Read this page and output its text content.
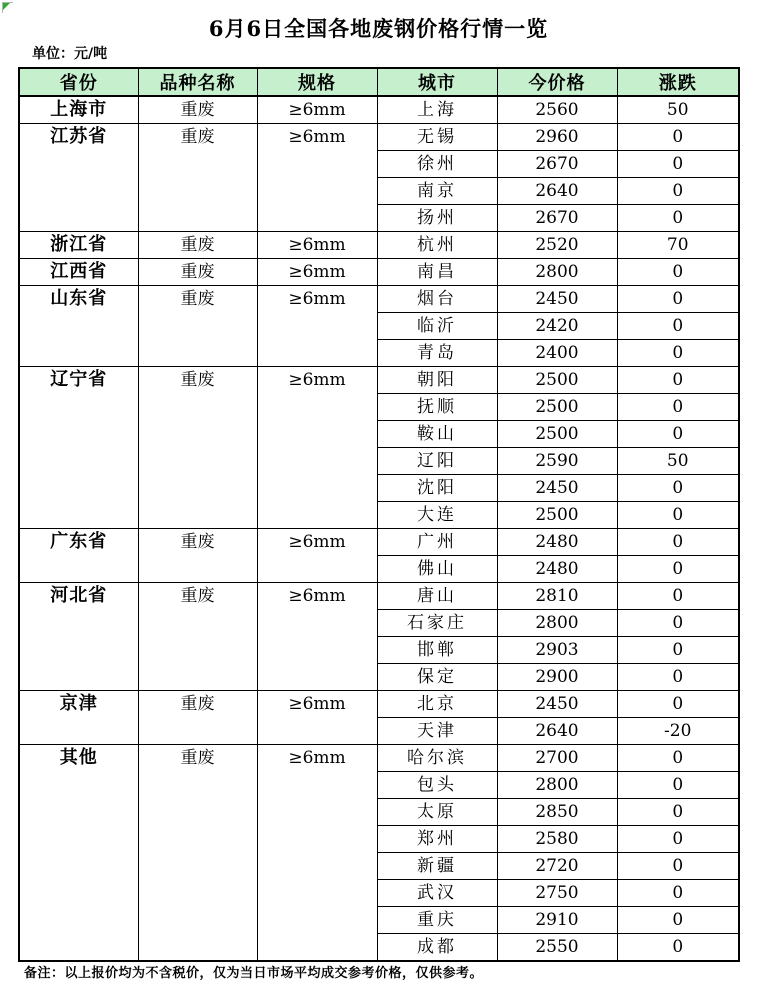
6月6日全国各地废钢价格行情一览
单位：元/吨
省份	品种名称	规格	城市	今价格	涨跌
上海市	重废	≥6mm	上海	2560	50
江苏省	重废	≥6mm	无锡	2960	0
			徐州	2670	0
			南京	2640	0
			扬州	2670	0
浙江省	重废	≥6mm	杭州	2520	70
江西省	重废	≥6mm	南昌	2800	0
山东省	重废	≥6mm	烟台	2450	0
			临沂	2420	0
			青岛	2400	0
辽宁省	重废	≥6mm	朝阳	2500	0
			抚顺	2500	0
			鞍山	2500	0
			辽阳	2590	50
			沈阳	2450	0
			大连	2500	0
广东省	重废	≥6mm	广州	2480	0
			佛山	2480	0
河北省	重废	≥6mm	唐山	2810	0
			石家庄	2800	0
			邯郸	2903	0
			保定	2900	0
京津	重废	≥6mm	北京	2450	0
			天津	2640	-20
其他	重废	≥6mm	哈尔滨	2700	0
			包头	2800	0
			太原	2850	0
			郑州	2580	0
			新疆	2720	0
			武汉	2750	0
			重庆	2910	0
			成都	2550	0
备注：以上报价均为不含税价，仅为当日市场平均成交参考价格，仅供参考。
